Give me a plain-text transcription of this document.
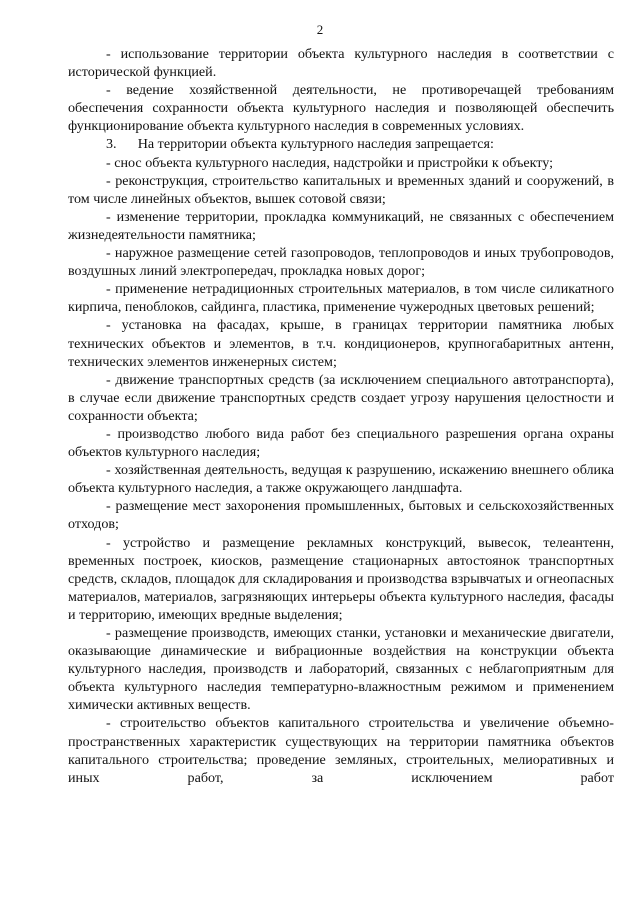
2

- использование территории объекта культурного наследия в соответствии с исторической функцией.

- ведение хозяйственной деятельности, не противоречащей требованиям обеспечения сохранности объекта культурного наследия и позволяющей обеспечить функционирование объекта культурного наследия в современных условиях.

3.      На территории объекта культурного наследия запрещается:

- снос объекта культурного наследия, надстройки и пристройки к объекту;

- реконструкция, строительство капитальных и временных зданий и сооружений, в том числе линейных объектов, вышек сотовой связи;

- изменение территории, прокладка коммуникаций, не связанных с обеспечением жизнедеятельности памятника;

- наружное размещение сетей газопроводов, теплопроводов и иных трубопроводов, воздушных линий электропередач, прокладка новых дорог;

- применение нетрадиционных строительных материалов, в том числе силикатного кирпича, пеноблоков, сайдинга, пластика, применение чужеродных цветовых решений;

- установка на фасадах, крыше, в границах территории памятника любых технических объектов и элементов, в т.ч. кондиционеров, крупногабаритных антенн, технических элементов инженерных систем;

- движение транспортных средств (за исключением специального автотранспорта), в случае если движение транспортных средств создает угрозу нарушения целостности и сохранности объекта;

- производство любого вида работ без специального разрешения органа охраны объектов культурного наследия;

- хозяйственная деятельность, ведущая к разрушению, искажению внешнего облика объекта культурного наследия, а также окружающего ландшафта.

- размещение мест захоронения промышленных, бытовых и сельскохозяйственных отходов;

- устройство и размещение рекламных конструкций, вывесок, телеантенн, временных построек, киосков, размещение стационарных автостоянок транспортных средств, складов, площадок для складирования и производства взрывчатых и огнеопасных материалов, материалов, загрязняющих интерьеры объекта культурного наследия, фасады и территорию, имеющих вредные выделения;

- размещение производств, имеющих станки, установки и механические двигатели, оказывающие динамические и вибрационные воздействия на конструкции объекта культурного наследия, производств и лабораторий, связанных с неблагоприятным для объекта культурного наследия температурно-влажностным режимом и применением химически активных веществ.

- строительство объектов капитального строительства и увеличение объемно-пространственных характеристик существующих на территории памятника объектов капитального строительства; проведение земляных, строительных, мелиоративных и иных работ, за исключением работ
